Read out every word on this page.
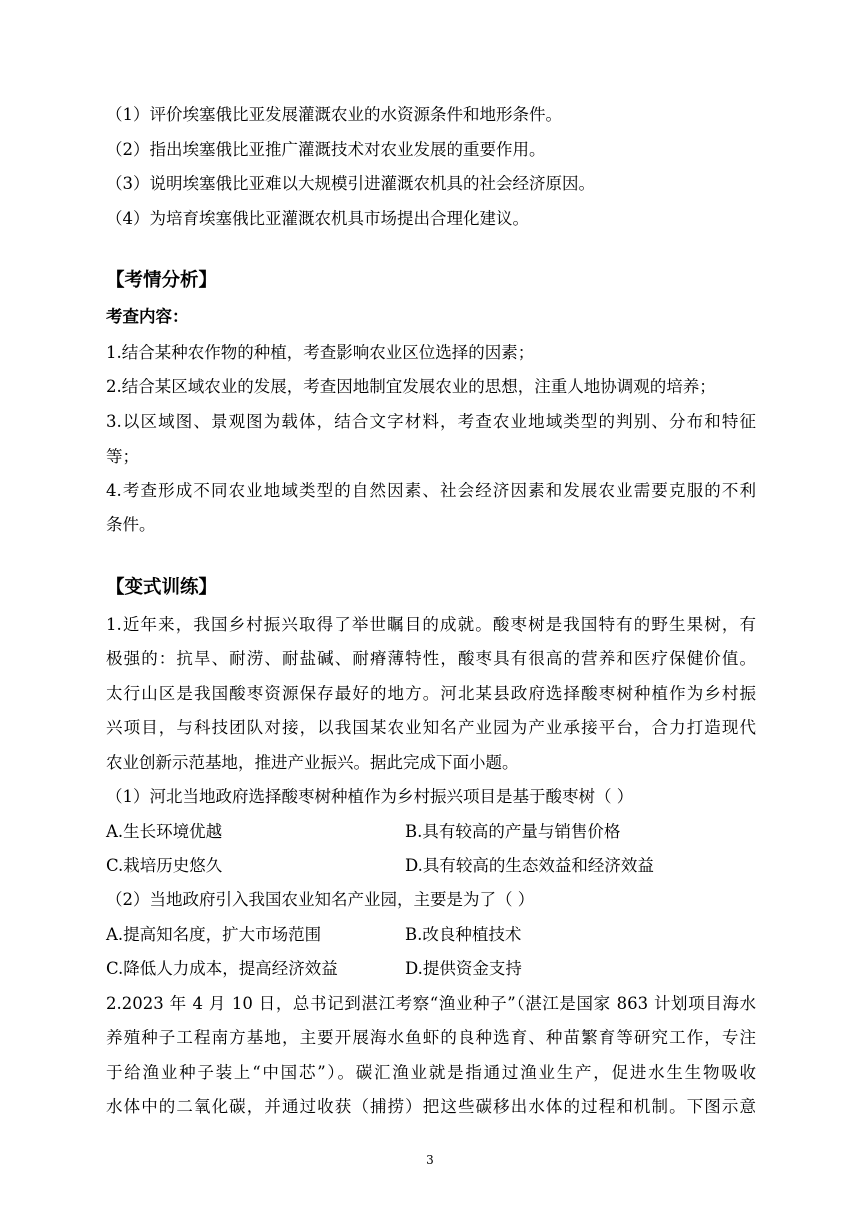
（1）评价埃塞俄比亚发展灌溉农业的水资源条件和地形条件。
（2）指出埃塞俄比亚推广灌溉技术对农业发展的重要作用。
（3）说明埃塞俄比亚难以大规模引进灌溉农机具的社会经济原因。
（4）为培育埃塞俄比亚灌溉农机具市场提出合理化建议。
【考情分析】
考查内容：
1.结合某种农作物的种植，考查影响农业区位选择的因素；
2.结合某区域农业的发展，考查因地制宜发展农业的思想，注重人地协调观的培养；
3.以区域图、景观图为载体，结合文字材料，考查农业地域类型的判别、分布和特征
等；
4.考查形成不同农业地域类型的自然因素、社会经济因素和发展农业需要克服的不利
条件。
【变式训练】
1.近年来，我国乡村振兴取得了举世瞩目的成就。酸枣树是我国特有的野生果树，有
极强的：抗旱、耐涝、耐盐碱、耐瘠薄特性，酸枣具有很高的营养和医疗保健价值。
太行山区是我国酸枣资源保存最好的地方。河北某县政府选择酸枣树种植作为乡村振
兴项目，与科技团队对接，以我国某农业知名产业园为产业承接平台，合力打造现代
农业创新示范基地，推进产业振兴。据此完成下面小题。
（1）河北当地政府选择酸枣树种植作为乡村振兴项目是基于酸枣树（ ）
A.生长环境优越	B.具有较高的产量与销售价格
C.栽培历史悠久	D.具有较高的生态效益和经济效益
（2）当地政府引入我国农业知名产业园，主要是为了（ ）
A.提高知名度，扩大市场范围	B.改良种植技术
C.降低人力成本，提高经济效益	D.提供资金支持
2.2023 年 4 月 10 日，总书记到湛江考察“渔业种子”（湛江是国家 863 计划项目海水
养殖种子工程南方基地，主要开展海水鱼虾的良种选育、种苗繁育等研究工作，专注
于给渔业种子装上“中国芯”）。碳汇渔业就是指通过渔业生产，促进水生生物吸收
水体中的二氧化碳，并通过收获（捕捞）把这些碳移出水体的过程和机制。下图示意
3
